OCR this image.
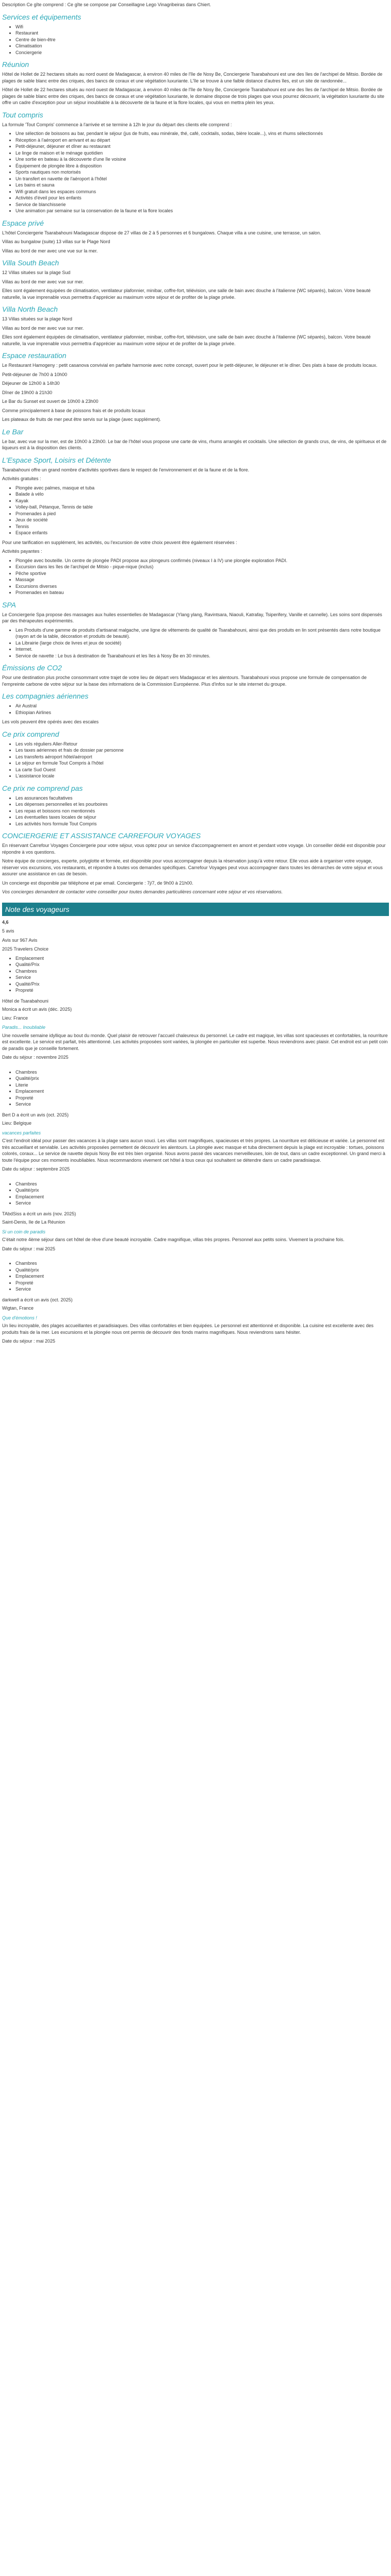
Description Ce gîte comprend : Ce gîte se compose par Conseillagne Lego Vinagribeiras dans Chiert.

Services et équipements
• Wifi
• Restaurant
• Centre de bien-être
• Climatisation
• Conciergerie
Réunion

Hôtel de Hollet de 22 hectares situés au nord ouest de Madagascar, à environ 40 miles de l'île de Nosy Be, Conciergerie Tsarabahouni est une des îles de l'archipel de Mitsio. Bordée de plages de sable blanc entre des criques, des bancs de coraux et une végétation luxuriante. L'île se trouve à une faible distance d'autres îles, est un site de randonnée...

Hôtel de Hollet de 22 hectares situés au nord ouest de Madagascar, à environ 40 miles de l'île de Nosy Be, Conciergerie Tsarabahouni est une des îles de l'archipel de Mitsio. Bordée de plages de sable blanc entre des criques, des bancs de coraux et une végétation luxuriante, le domaine dispose de trois plages que vous pourrez découvrir, la végétation luxuriante du site offre un cadre d'exception pour un séjour inoubliable à la découverte de la faune et la flore locales, qui vous en mettra plein les yeux.

Tout compris

La formule 'Tout Compris' commence à l'arrivée et se termine à 12h le jour du départ des clients elle comprend :

• Une sélection de boissons au bar, pendant le séjour (jus de fruits, eau minérale, thé, café, cocktails, sodas, bière locale...), vins et rhums sélectionnés
• Réception à l'aéroport en arrivant et au départ
• Petit-déjeuner, déjeuner et dîner au restaurant
• Le linge de maison et le ménage quotidien
• Une sortie en bateau à la découverte d'une île voisine
• Équipement de plongée libre à disposition
• Sports nautiques non motorisés
• Un transfert en navette de l'aéroport à l'hôtel
• Les bains et sauna
• Wifi gratuit dans les espaces communs
• Activités d'éveil pour les enfants
• Service de blanchisserie
• Une animation par semaine sur la conservation de la faune et la flore locales
Espace privé

L'hôtel Conciergerie Tsarabahouni Madagascar dispose de 27 villas de 2 à 5 personnes et 6 bungalows. Chaque villa a une cuisine, une terrasse, un salon.

Villas au bungalow (suite) 13 villas sur le Plage Nord

Villas au bord de mer avec une vue sur la mer.

Villa South Beach

12 Villas situées sur la plage Sud

Villas au bord de mer avec vue sur mer.

Elles sont également équipées de climatisation, ventilateur plafonnier, minibar, coffre-fort, télévision, une salle de bain avec douche à l'italienne (WC séparés), balcon. Votre beauté naturelle, la vue imprenable vous permettra d'apprécier au maximum votre séjour et de profiter de la plage privée.

Villa North Beach

13 Villas situées sur la plage Nord

Villas au bord de mer avec vue sur mer.

Elles sont également équipées de climatisation, ventilateur plafonnier, minibar, coffre-fort, télévision, une salle de bain avec douche à l'italienne (WC séparés), balcon. Votre beauté naturelle, la vue imprenable vous permettra d'apprécier au maximum votre séjour et de profiter de la plage privée.

Espace restauration

Le Restaurant Hamogeny : petit casanova convivial en parfaite harmonie avec notre concept, ouvert pour le petit-déjeuner, le déjeuner et le dîner. Des plats à base de produits locaux.

Petit-déjeuner de 7h00 à 10h00

Déjeuner de 12h00 à 14h30

Dîner de 19h00 à 21h30

Le Bar du Sunset est ouvert de 10h00 à 23h00

Comme principalement à base de poissons frais et de produits locaux

Les plateaux de fruits de mer peut être servis sur la plage (avec supplément).

Le Bar

Le bar, avec vue sur la mer, est de 10h00 à 23h00. Le bar de l'hôtel vous propose une carte de vins, rhums arrangés et cocktails. Une sélection de grands crus, de vins, de spiritueux et de liqueurs est à la disposition des clients.

L'Espace Sport, Loisirs et Détente

Tsarabahouni offre un grand nombre d'activités sportives dans le respect de l'environnement et de la faune et de la flore.

Activités gratuites :

• Plongée avec palmes, masque et tuba
• Balade à vélo
• Kayak
• Volley-ball, Pétanque, Tennis de table
• Promenades à pied
• Jeux de société
• Tennis
• Espace enfants

Pour une tarification en supplément, les activités, ou l'excursion de votre choix peuvent être également réservées :

Activités payantes :

• Plongée avec bouteille. Un centre de plongée PADI propose aux plongeurs confirmés (niveaux I à IV) une plongée exploration PADI.
• Excursion dans les îles de l'archipel de Mitsio - pique-nique (inclus)
• Pêche sportive
• Massage
• Excursions diverses
• Promenades en bateau
SPA

Le Conciergerie Spa propose des massages aux huiles essentielles de Madagascar (Ylang ylang, Ravintsara, Niaouli, Katrafay, Tsiperifery, Vanille et cannelle). Les soins sont dispensés par des thérapeutes expérimentés.

• Les Produits d'une gamme de produits d'artisanat malgache, une ligne de vêtements de qualité de Tsarabahouni, ainsi que des produits en lin sont présentés dans notre boutique (rayon art de la table, décoration et produits de beauté).
• La Librairie (large choix de livres et jeux de société)
• Internet.
• Service de navette : Le bus à destination de Tsarabahouni et les îles à Nosy Be en 30 minutes.
Émissions de CO2

Pour une destination plus proche consommant votre trajet de votre lieu de départ vers Madagascar et les alentours. Tsarabahouni vous propose une formule de compensation de l'empreinte carbone de votre séjour sur la base des informations de la Commission Européenne. Plus d'infos sur le site internet du groupe.

Les compagnies aériennes
• Air Austral
• Ethiopian Airlines

Les vols peuvent être opérés avec des escales

Ce prix comprend
• Les vols réguliers Aller-Retour
• Les taxes aériennes et frais de dossier par personne
• Les transferts aéroport hôtel/aéroport
• Le séjour en formule Tout Compris à l'hôtel
• La carte Sud Ouest
• L'assistance locale
Ce prix ne comprend pas
• Les assurances facultatives
• Les dépenses personnelles et les pourboires
• Les repas et boissons non mentionnés
• Les éventuelles taxes locales de séjour
• Les activités hors formule Tout Compris
CONCIERGERIE ET ASSISTANCE CARREFOUR VOYAGES

En réservant Carrefour Voyages Conciergerie pour votre séjour, vous optez pour un service d'accompagnement en amont et pendant votre voyage. Un conseiller dédié est disponible pour répondre à vos questions.

Notre équipe de concierges, experte, polyglotte et formée, est disponible pour vous accompagner depuis la réservation jusqu'à votre retour. Elle vous aide à organiser votre voyage, réserver vos excursions, vos restaurants, et répondre à toutes vos demandes spécifiques. Carrefour Voyages peut vous accompagner dans toutes les démarches de votre séjour et vous assurer une assistance en cas de besoin.

Un concierge est disponible par téléphone et par email. Conciergerie : 7j/7, de 9h00 à 21h00.

Vos concierges demandent de contacter votre conseiller pour toutes demandes particulières concernant votre séjour et vos réservations.

Note des voyageurs

4,6

5 avis

Avis sur 967 Avis

2025 Travelers Choice

• Emplacement
• Qualité/Prix
• Chambres
• Service
• Qualité/Prix
• Propreté

Hôtel de Tsarabahouni

Monica a écrit un avis (déc. 2025)

Lieu: France

Paradis... Inoubliable

Une nouvelle semaine idyllique au bout du monde. Quel plaisir de retrouver l'accueil chaleureux du personnel. Le cadre est magique, les villas sont spacieuses et confortables, la nourriture est excellente. Le service est parfait, très attentionné. Les activités proposées sont variées, la plongée en particulier est superbe. Nous reviendrons avec plaisir. Cet endroit est un petit coin de paradis que je conseille fortement.

Date du séjour : novembre 2025

• Chambres
• Qualité/prix
• Literie
• Emplacement
• Propreté
• Service

Bert D a écrit un avis (oct. 2025)

Lieu: Belgique

vacances parfaites

C'est l'endroit idéal pour passer des vacances à la plage sans aucun souci. Les villas sont magnifiques, spacieuses et très propres. La nourriture est délicieuse et variée. Le personnel est très accueillant et serviable. Les activités proposées permettent de découvrir les alentours. La plongée avec masque et tuba directement depuis la plage est incroyable : tortues, poissons colorés, coraux... Le service de navette depuis Nosy Be est très bien organisé. Nous avons passé des vacances merveilleuses, loin de tout, dans un cadre exceptionnel. Un grand merci à toute l'équipe pour ces moments inoubliables. Nous recommandons vivement cet hôtel à tous ceux qui souhaitent se détendre dans un cadre paradisiaque.

Date du séjour : septembre 2025

• Chambres
• Qualité/prix
• Emplacement
• Service

TAbdSiss a écrit un avis (nov. 2025)

Saint-Denis, Ile de La Réunion

Si un coin de paradis

C'était notre 4ème séjour dans cet hôtel de rêve d'une beauté incroyable. Cadre magnifique, villas très propres. Personnel aux petits soins. Vivement la prochaine fois.

Date du séjour : mai 2025

• Chambres
• Qualité/prix
• Emplacement
• Propreté
• Service

darkwell a écrit un avis (oct. 2025)

Wigtan, France

Que d'émotions !

Un lieu incroyable, des plages accueillantes et paradisiaques. Des villas confortables et bien équipées. Le personnel est attentionné et disponible. La cuisine est excellente avec des produits frais de la mer. Les excursions et la plongée nous ont permis de découvrir des fonds marins magnifiques. Nous reviendrons sans hésiter.

Date du séjour : mai 2025
